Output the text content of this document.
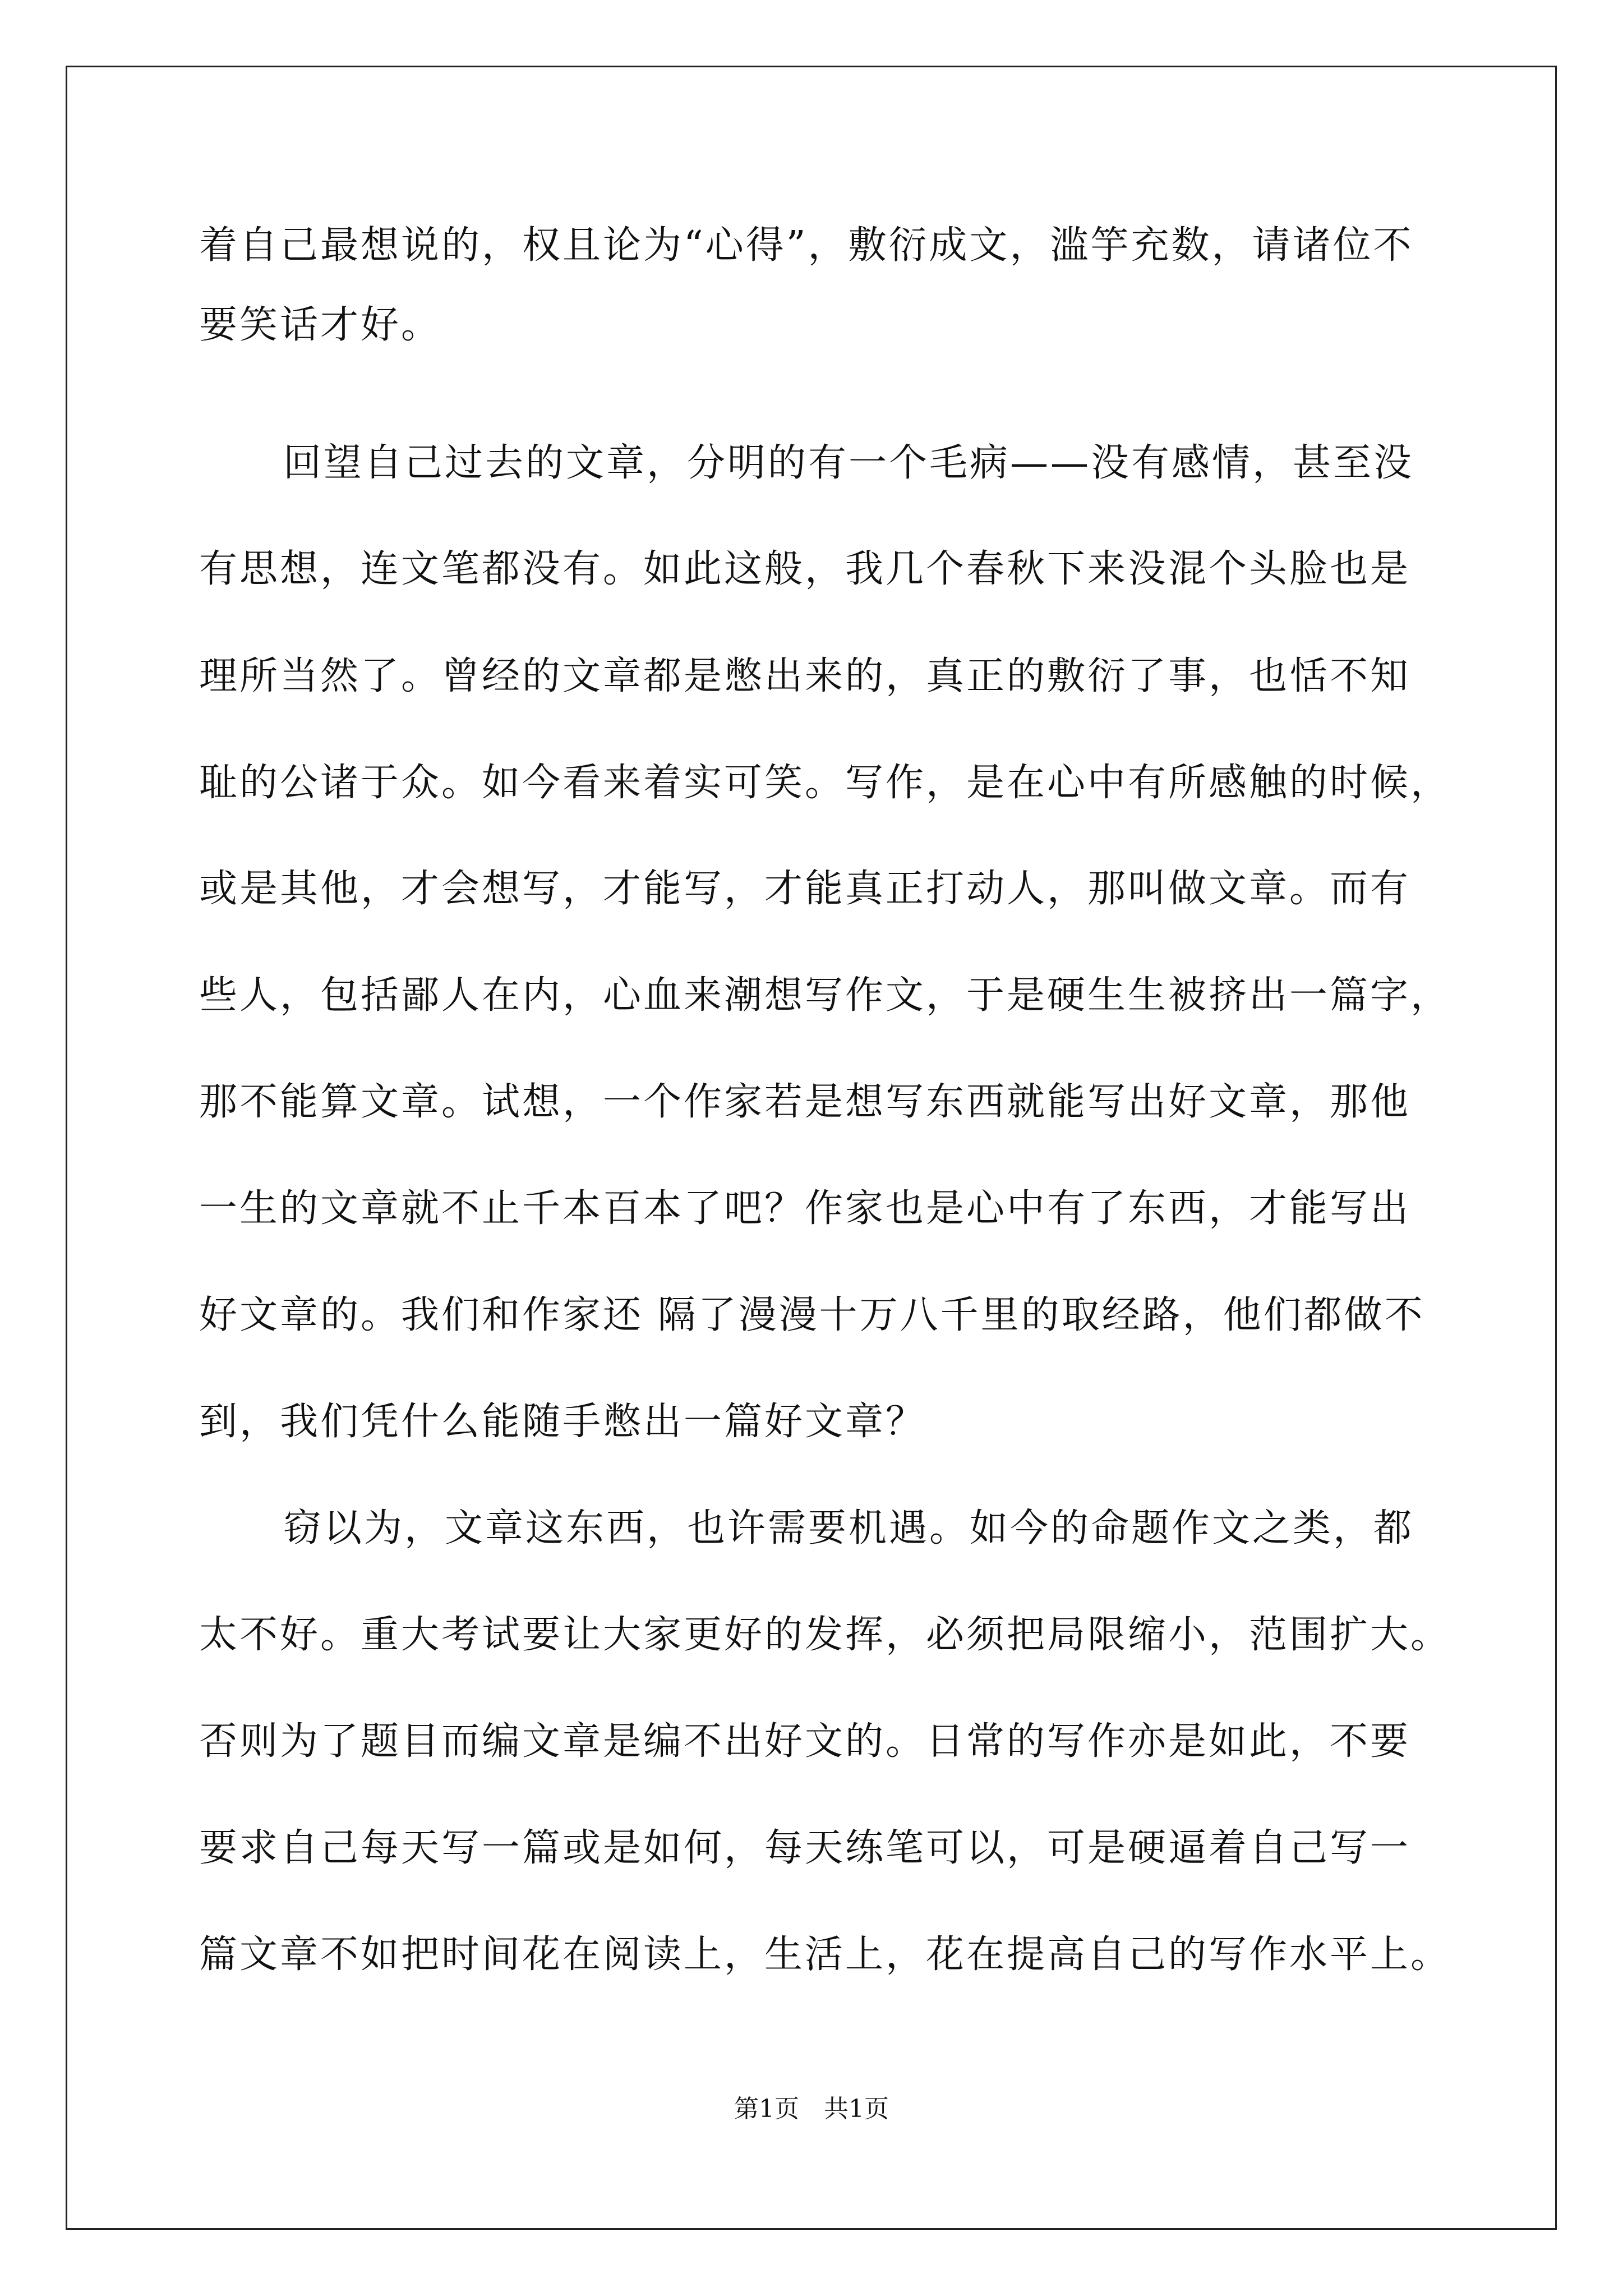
着自己最想说的，权且论为“心得”，敷衍成文，滥竽充数，请诸位不
要笑话才好。
回望自己过去的文章，分明的有一个毛病——没有感情，甚至没
有思想，连文笔都没有。如此这般，我几个春秋下来没混个头脸也是
理所当然了。曾经的文章都是憋出来的，真正的敷衍了事，也恬不知
耻的公诸于众。如今看来着实可笑。写作，是在心中有所感触的时候，
或是其他，才会想写，才能写，才能真正打动人，那叫做文章。而有
些人，包括鄙人在内，心血来潮想写作文，于是硬生生被挤出一篇字，
那不能算文章。试想，一个作家若是想写东西就能写出好文章，那他
一生的文章就不止千本百本了吧？作家也是心中有了东西，才能写出
好文章的。我们和作家还 隔了漫漫十万八千里的取经路，他们都做不
到，我们凭什么能随手憋出一篇好文章？
窃以为，文章这东西，也许需要机遇。如今的命题作文之类，都
太不好。重大考试要让大家更好的发挥，必须把局限缩小，范围扩大。
否则为了题目而编文章是编不出好文的。日常的写作亦是如此，不要
要求自己每天写一篇或是如何，每天练笔可以，可是硬逼着自己写一
篇文章不如把时间花在阅读上，生活上，花在提高自己的写作水平上。
第1页　共1页
